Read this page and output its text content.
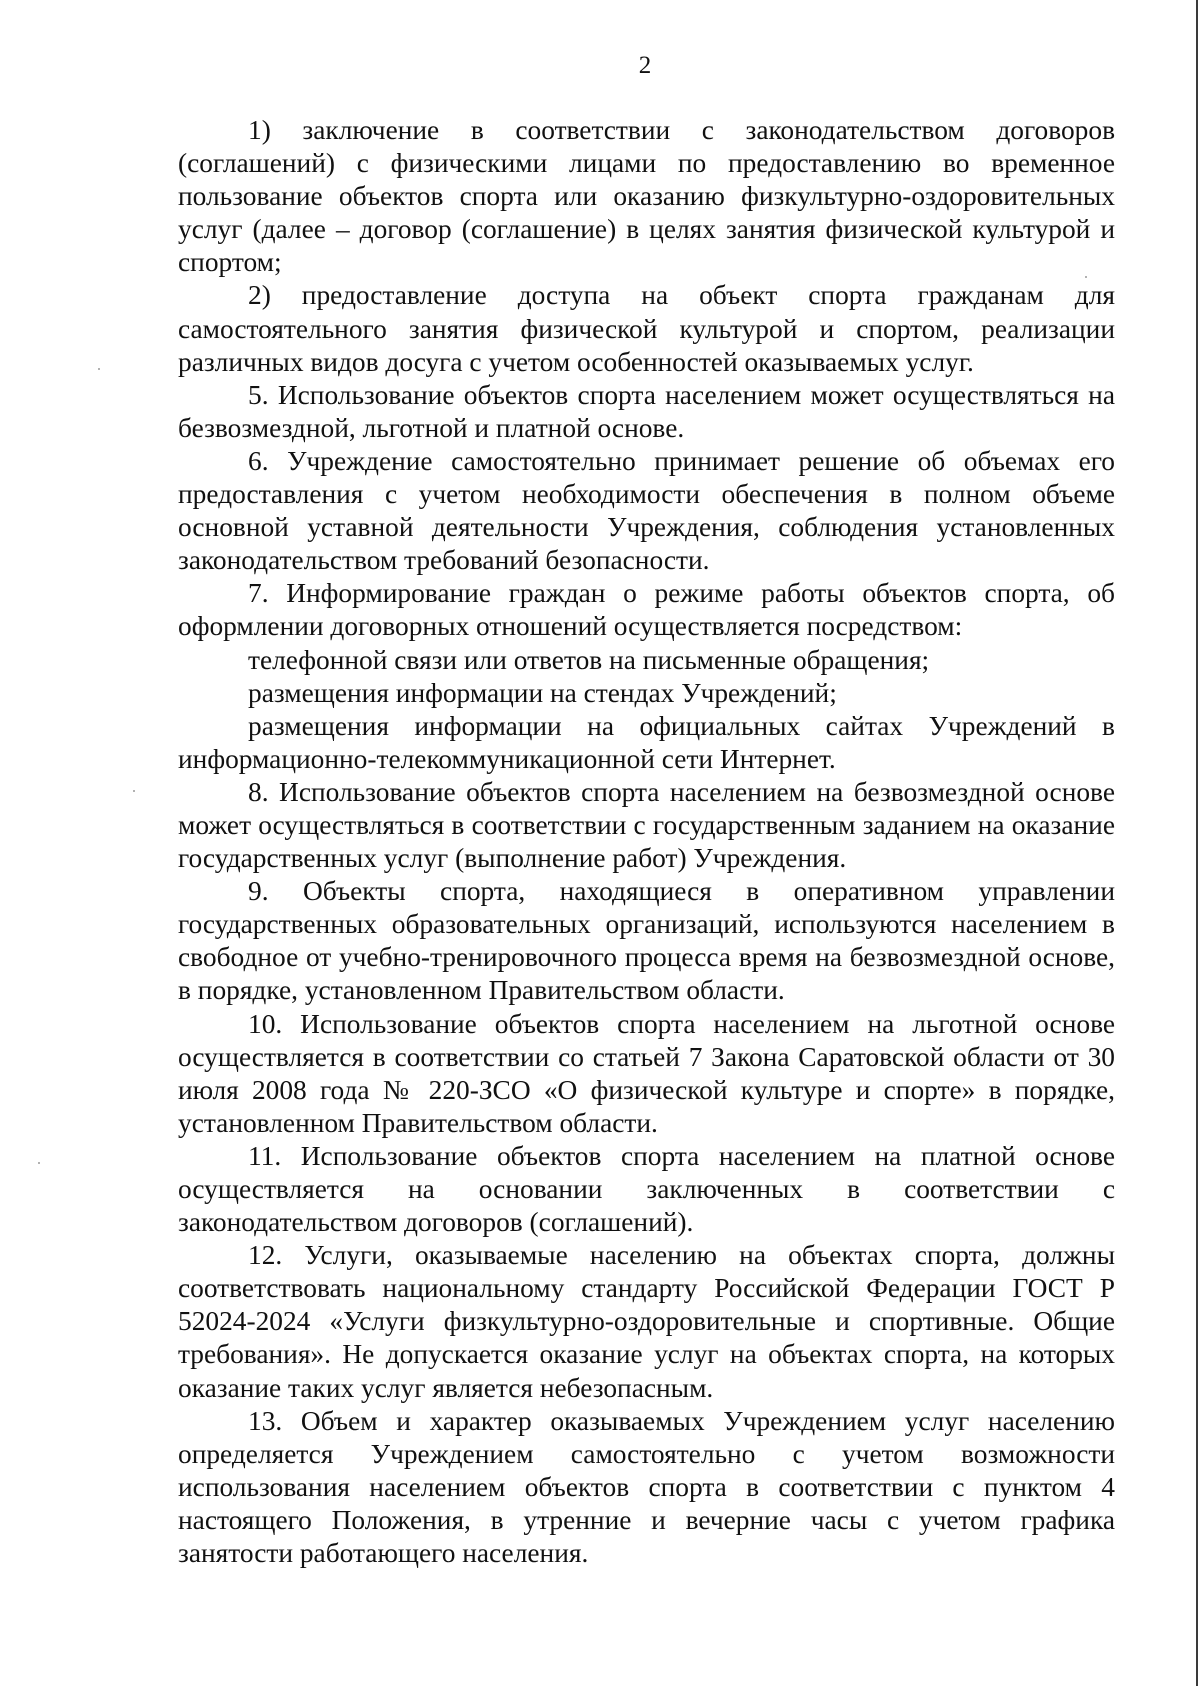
2

1) заключение в соответствии с законодательством договоров (соглашений) с физическими лицами по предоставлению во временное пользование объектов спорта или оказанию физкультурно-оздоровительных услуг (далее – договор (соглашение) в целях занятия физической культурой и спортом;

2) предоставление доступа на объект спорта гражданам для самостоятельного занятия физической культурой и спортом, реализации различных видов досуга с учетом особенностей оказываемых услуг.

5. Использование объектов спорта населением может осуществляться на безвозмездной, льготной и платной основе.

6. Учреждение самостоятельно принимает решение об объемах его предоставления с учетом необходимости обеспечения в полном объеме основной уставной деятельности Учреждения, соблюдения установленных законодательством требований безопасности.

7. Информирование граждан о режиме работы объектов спорта, об оформлении договорных отношений осуществляется посредством:

телефонной связи или ответов на письменные обращения;

размещения информации на стендах Учреждений;

размещения информации на официальных сайтах Учреждений в информационно-телекоммуникационной сети Интернет.

8. Использование объектов спорта населением на безвозмездной основе может осуществляться в соответствии с государственным заданием на оказание государственных услуг (выполнение работ) Учреждения.

9. Объекты спорта, находящиеся в оперативном управлении государственных образовательных организаций, используются населением в свободное от учебно-тренировочного процесса время на безвозмездной основе, в порядке, установленном Правительством области.

10. Использование объектов спорта населением на льготной основе осуществляется в соответствии со статьей 7 Закона Саратовской области от 30 июля 2008 года № 220-ЗСО «О физической культуре и спорте» в порядке, установленном Правительством области.

11. Использование объектов спорта населением на платной основе осуществляется на основании заключенных в соответствии с законодательством договоров (соглашений).

12. Услуги, оказываемые населению на объектах спорта, должны соответствовать национальному стандарту Российской Федерации ГОСТ Р 52024-2024 «Услуги физкультурно-оздоровительные и спортивные. Общие требования». Не допускается оказание услуг на объектах спорта, на которых оказание таких услуг является небезопасным.

13. Объем и характер оказываемых Учреждением услуг населению определяется Учреждением самостоятельно с учетом возможности использования населением объектов спорта в соответствии с пунктом 4 настоящего Положения, в утренние и вечерние часы с учетом графика занятости работающего населения.
